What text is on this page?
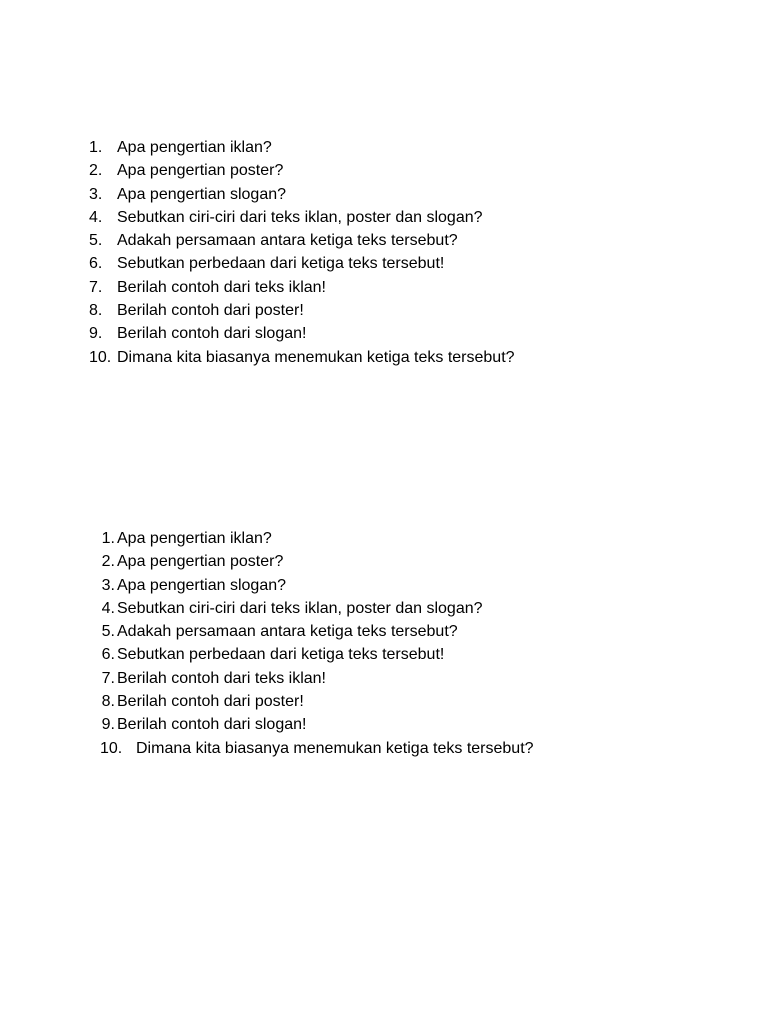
1. Apa pengertian iklan?
2. Apa pengertian poster?
3. Apa pengertian slogan?
4. Sebutkan ciri-ciri dari teks iklan, poster dan slogan?
5. Adakah persamaan antara ketiga teks tersebut?
6. Sebutkan perbedaan dari ketiga teks tersebut!
7. Berilah contoh dari teks iklan!
8. Berilah contoh dari poster!
9. Berilah contoh dari slogan!
10. Dimana kita biasanya menemukan ketiga teks tersebut?
1. Apa pengertian iklan?
2. Apa pengertian poster?
3. Apa pengertian slogan?
4. Sebutkan ciri-ciri dari teks iklan, poster dan slogan?
5. Adakah persamaan antara ketiga teks tersebut?
6. Sebutkan perbedaan dari ketiga teks tersebut!
7. Berilah contoh dari teks iklan!
8. Berilah contoh dari poster!
9. Berilah contoh dari slogan!
10. Dimana kita biasanya menemukan ketiga teks tersebut?
